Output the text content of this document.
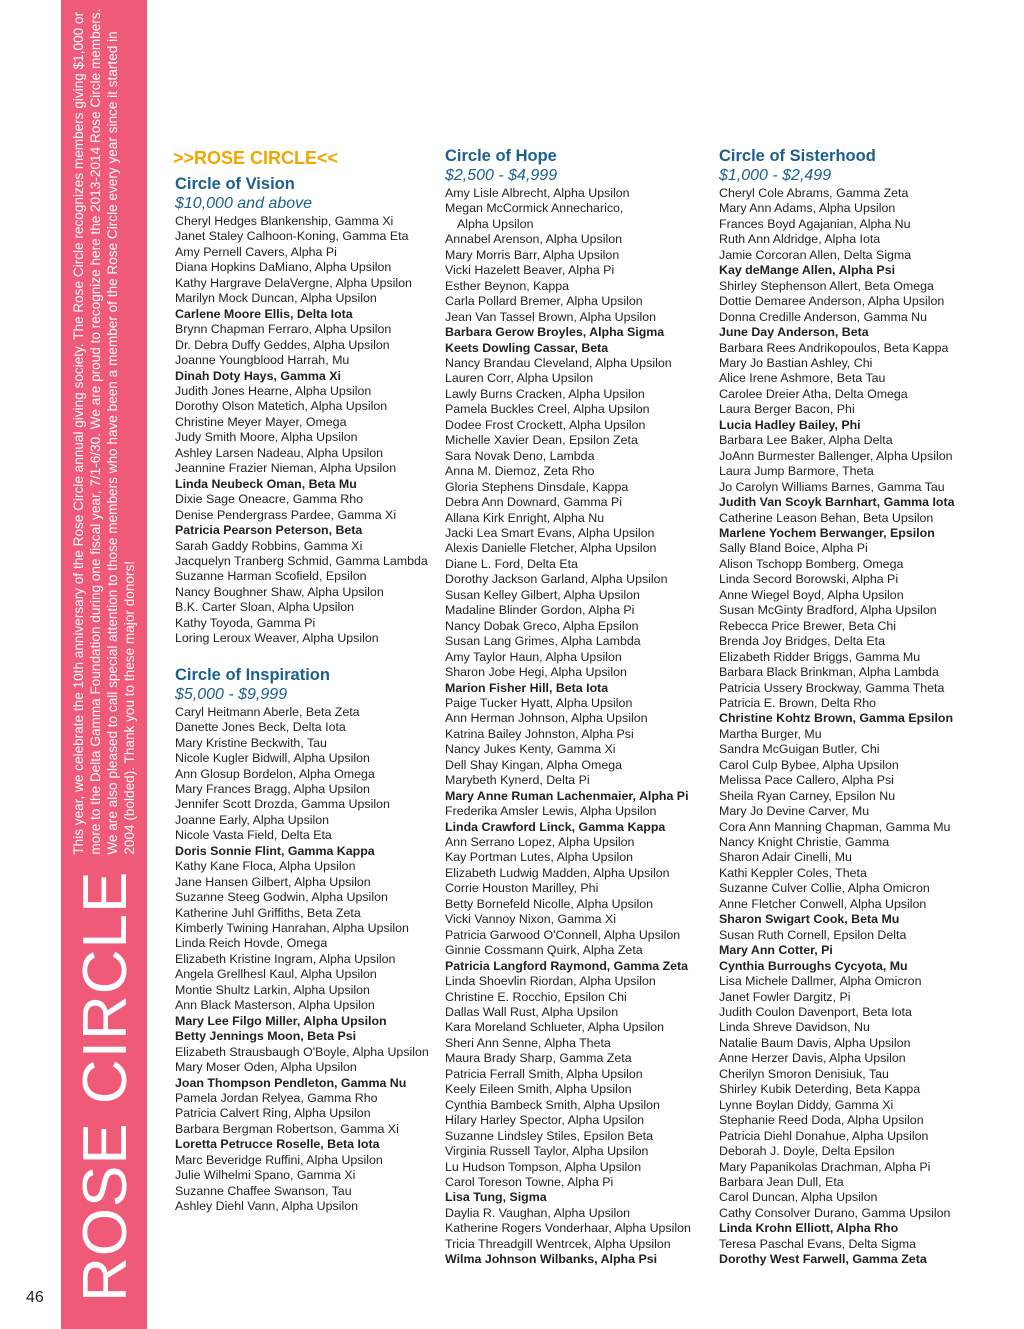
ROSE CIRCLE
This year, we celebrate the 10th anniversary of the Rose Circle annual giving society. The Rose Circle recognizes members giving $1,000 or more to the Delta Gamma Foundation during one fiscal year, 7/1-6/30. We are proud to recognize here the 2013-2014 Rose Circle members. We are also pleased to call special attention to those members who have been a member of the Rose Circle every year since it started in 2004 (bolded). Thank you to these major donors!
46
>>ROSE CIRCLE<<
Circle of Vision
$10,000 and above
Cheryl Hedges Blankenship, Gamma Xi
Janet Staley Calhoon-Koning, Gamma Eta
Amy Pernell Cavers, Alpha Pi
Diana Hopkins DaMiano, Alpha Upsilon
Kathy Hargrave DelaVergne, Alpha Upsilon
Marilyn Mock Duncan, Alpha Upsilon
Carlene Moore Ellis, Delta Iota
Brynn Chapman Ferraro, Alpha Upsilon
Dr. Debra Duffy Geddes, Alpha Upsilon
Joanne Youngblood Harrah, Mu
Dinah Doty Hays, Gamma Xi
Judith Jones Hearne, Alpha Upsilon
Dorothy Olson Matetich, Alpha Upsilon
Christine Meyer Mayer, Omega
Judy Smith Moore, Alpha Upsilon
Ashley Larsen Nadeau, Alpha Upsilon
Jeannine Frazier Nieman, Alpha Upsilon
Linda Neubeck Oman, Beta Mu
Dixie Sage Oneacre, Gamma Rho
Denise Pendergrass Pardee, Gamma Xi
Patricia Pearson Peterson, Beta
Sarah Gaddy Robbins, Gamma Xi
Jacquelyn Tranberg Schmid, Gamma Lambda
Suzanne Harman Scofield, Epsilon
Nancy Boughner Shaw, Alpha Upsilon
B.K. Carter Sloan, Alpha Upsilon
Kathy Toyoda, Gamma Pi
Loring Leroux Weaver, Alpha Upsilon
Circle of Inspiration
$5,000 - $9,999
Caryl Heitmann Aberle, Beta Zeta
Danette Jones Beck, Delta Iota
Mary Kristine Beckwith, Tau
Nicole Kugler Bidwill, Alpha Upsilon
Ann Glosup Bordelon, Alpha Omega
Mary Frances Bragg, Alpha Upsilon
Jennifer Scott Drozda, Gamma Upsilon
Joanne Early, Alpha Upsilon
Nicole Vasta Field, Delta Eta
Doris Sonnie Flint, Gamma Kappa
Kathy Kane Floca, Alpha Upsilon
Jane Hansen Gilbert, Alpha Upsilon
Suzanne Steeg Godwin, Alpha Upsilon
Katherine Juhl Griffiths, Beta Zeta
Kimberly Twining Hanrahan, Alpha Upsilon
Linda Reich Hovde, Omega
Elizabeth Kristine Ingram, Alpha Upsilon
Angela Grellhesl Kaul, Alpha Upsilon
Montie Shultz Larkin, Alpha Upsilon
Ann Black Masterson, Alpha Upsilon
Mary Lee Filgo Miller, Alpha Upsilon
Betty Jennings Moon, Beta Psi
Elizabeth Strausbaugh O'Boyle, Alpha Upsilon
Mary Moser Oden, Alpha Upsilon
Joan Thompson Pendleton, Gamma Nu
Pamela Jordan Relyea, Gamma Rho
Patricia Calvert Ring, Alpha Upsilon
Barbara Bergman Robertson, Gamma Xi
Loretta Petrucce Roselle, Beta Iota
Marc Beveridge Ruffini, Alpha Upsilon
Julie Wilhelmi Spano, Gamma Xi
Suzanne Chaffee Swanson, Tau
Ashley Diehl Vann, Alpha Upsilon
Circle of Hope
$2,500 - $4,999
Amy Lisle Albrecht, Alpha Upsilon
Megan McCormick Annecharico,
Alpha Upsilon
Annabel Arenson, Alpha Upsilon
Mary Morris Barr, Alpha Upsilon
Vicki Hazelett Beaver, Alpha Pi
Esther Beynon, Kappa
Carla Pollard Bremer, Alpha Upsilon
Jean Van Tassel Brown, Alpha Upsilon
Barbara Gerow Broyles, Alpha Sigma
Keets Dowling Cassar, Beta
Nancy Brandau Cleveland, Alpha Upsilon
Lauren Corr, Alpha Upsilon
Lawly Burns Cracken, Alpha Upsilon
Pamela Buckles Creel, Alpha Upsilon
Dodee Frost Crockett, Alpha Upsilon
Michelle Xavier Dean, Epsilon Zeta
Sara Novak Deno, Lambda
Anna M. Diemoz, Zeta Rho
Gloria Stephens Dinsdale, Kappa
Debra Ann Downard, Gamma Pi
Allana Kirk Enright, Alpha Nu
Jacki Lea Smart Evans, Alpha Upsilon
Alexis Danielle Fletcher, Alpha Upsilon
Diane L. Ford, Delta Eta
Dorothy Jackson Garland, Alpha Upsilon
Susan Kelley Gilbert, Alpha Upsilon
Madaline Blinder Gordon, Alpha Pi
Nancy Dobak Greco, Alpha Epsilon
Susan Lang Grimes, Alpha Lambda
Amy Taylor Haun, Alpha Upsilon
Sharon Jobe Hegi, Alpha Upsilon
Marion Fisher Hill, Beta Iota
Paige Tucker Hyatt, Alpha Upsilon
Ann Herman Johnson, Alpha Upsilon
Katrina Bailey Johnston, Alpha Psi
Nancy Jukes Kenty, Gamma Xi
Dell Shay Kingan, Alpha Omega
Marybeth Kynerd, Delta Pi
Mary Anne Ruman Lachenmaier, Alpha Pi
Frederika Amsler Lewis, Alpha Upsilon
Linda Crawford Linck, Gamma Kappa
Ann Serrano Lopez, Alpha Upsilon
Kay Portman Lutes, Alpha Upsilon
Elizabeth Ludwig Madden, Alpha Upsilon
Corrie Houston Marilley, Phi
Betty Bornefeld Nicolle, Alpha Upsilon
Vicki Vannoy Nixon, Gamma Xi
Patricia Garwood O'Connell, Alpha Upsilon
Ginnie Cossmann Quirk, Alpha Zeta
Patricia Langford Raymond, Gamma Zeta
Linda Shoevlin Riordan, Alpha Upsilon
Christine E. Rocchio, Epsilon Chi
Dallas Wall Rust, Alpha Upsilon
Kara Moreland Schlueter, Alpha Upsilon
Sheri Ann Senne, Alpha Theta
Maura Brady Sharp, Gamma Zeta
Patricia Ferrall Smith, Alpha Upsilon
Keely Eileen Smith, Alpha Upsilon
Cynthia Bambeck Smith, Alpha Upsilon
Hilary Harley Spector, Alpha Upsilon
Suzanne Lindsley Stiles, Epsilon Beta
Virginia Russell Taylor, Alpha Upsilon
Lu Hudson Tompson, Alpha Upsilon
Carol Toreson Towne, Alpha Pi
Lisa Tung, Sigma
Daylia R. Vaughan, Alpha Upsilon
Katherine Rogers Vonderhaar, Alpha Upsilon
Tricia Threadgill Wentrcek, Alpha Upsilon
Wilma Johnson Wilbanks, Alpha Psi
Circle of Sisterhood
$1,000 - $2,499
Cheryl Cole Abrams, Gamma Zeta
Mary Ann Adams, Alpha Upsilon
Frances Boyd Agajanian, Alpha Nu
Ruth Ann Aldridge, Alpha Iota
Jamie Corcoran Allen, Delta Sigma
Kay deMange Allen, Alpha Psi
Shirley Stephenson Allert, Beta Omega
Dottie Demaree Anderson, Alpha Upsilon
Donna Credille Anderson, Gamma Nu
June Day Anderson, Beta
Barbara Rees Andrikopoulos, Beta Kappa
Mary Jo Bastian Ashley, Chi
Alice Irene Ashmore, Beta Tau
Carolee Dreier Atha, Delta Omega
Laura Berger Bacon, Phi
Lucia Hadley Bailey, Phi
Barbara Lee Baker, Alpha Delta
JoAnn Burmester Ballenger, Alpha Upsilon
Laura Jump Barmore, Theta
Jo Carolyn Williams Barnes, Gamma Tau
Judith Van Scoyk Barnhart, Gamma Iota
Catherine Leason Behan, Beta Upsilon
Marlene Yochem Berwanger, Epsilon
Sally Bland Boice, Alpha Pi
Alison Tschopp Bomberg, Omega
Linda Secord Borowski, Alpha Pi
Anne Wiegel Boyd, Alpha Upsilon
Susan McGinty Bradford, Alpha Upsilon
Rebecca Price Brewer, Beta Chi
Brenda Joy Bridges, Delta Eta
Elizabeth Ridder Briggs, Gamma Mu
Barbara Black Brinkman, Alpha Lambda
Patricia Ussery Brockway, Gamma Theta
Patricia E. Brown, Delta Rho
Christine Kohtz Brown, Gamma Epsilon
Martha Burger, Mu
Sandra McGuigan Butler, Chi
Carol Culp Bybee, Alpha Upsilon
Melissa Pace Callero, Alpha Psi
Sheila Ryan Carney, Epsilon Nu
Mary Jo Devine Carver, Mu
Cora Ann Manning Chapman, Gamma Mu
Nancy Knight Christie, Gamma
Sharon Adair Cinelli, Mu
Kathi Keppler Coles, Theta
Suzanne Culver Collie, Alpha Omicron
Anne Fletcher Conwell, Alpha Upsilon
Sharon Swigart Cook, Beta Mu
Susan Ruth Cornell, Epsilon Delta
Mary Ann Cotter, Pi
Cynthia Burroughs Cycyota, Mu
Lisa Michele Dallmer, Alpha Omicron
Janet Fowler Dargitz, Pi
Judith Coulon Davenport, Beta Iota
Linda Shreve Davidson, Nu
Natalie Baum Davis, Alpha Upsilon
Anne Herzer Davis, Alpha Upsilon
Cherilyn Smoron Denisiuk, Tau
Shirley Kubik Deterding, Beta Kappa
Lynne Boylan Diddy, Gamma Xi
Stephanie Reed Doda, Alpha Upsilon
Patricia Diehl Donahue, Alpha Upsilon
Deborah J. Doyle, Delta Epsilon
Mary Papanikolas Drachman, Alpha Pi
Barbara Jean Dull, Eta
Carol Duncan, Alpha Upsilon
Cathy Consolver Durano, Gamma Upsilon
Linda Krohn Elliott, Alpha Rho
Teresa Paschal Evans, Delta Sigma
Dorothy West Farwell, Gamma Zeta
